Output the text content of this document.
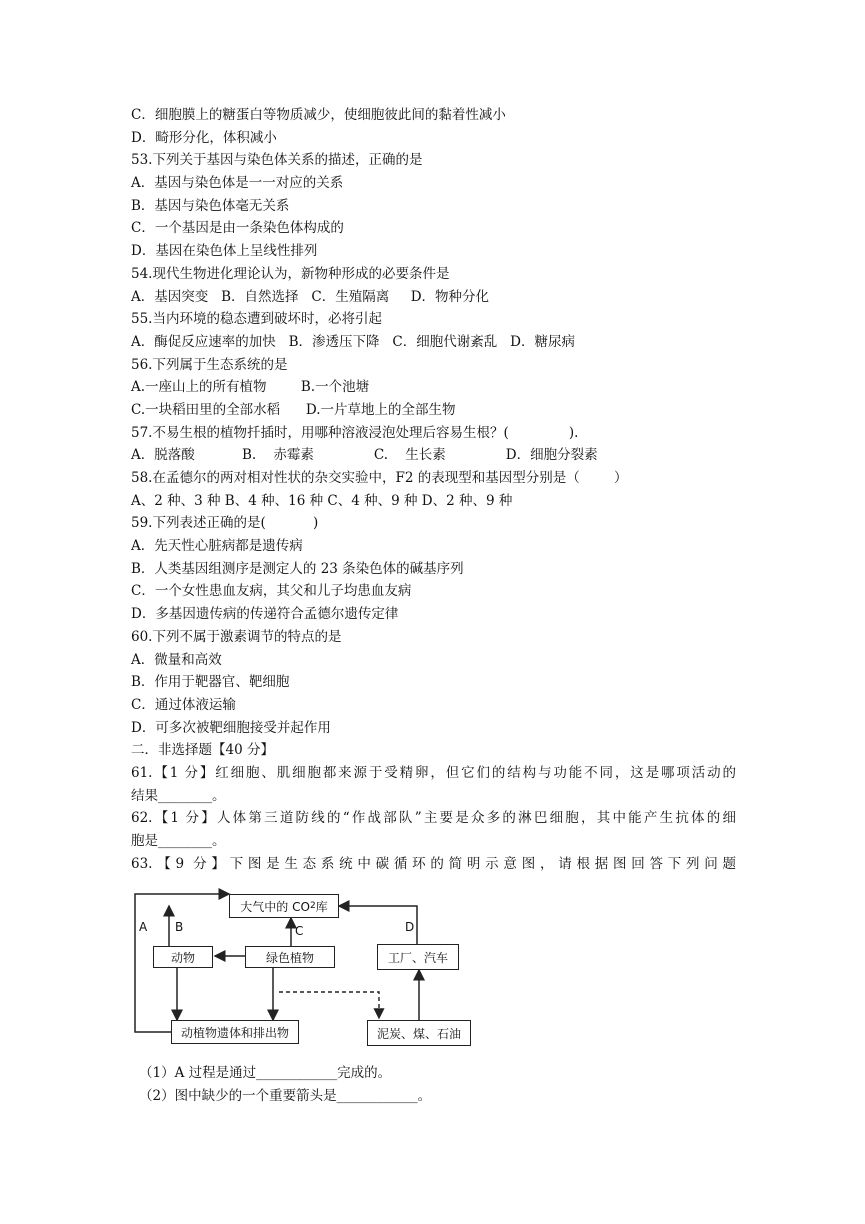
C．细胞膜上的糖蛋白等物质减少，使细胞彼此间的黏着性减小
D．畸形分化，体积减小
53.下列关于基因与染色体关系的描述，正确的是
A．基因与染色体是一一对应的关系
B．基因与染色体毫无关系
C．一个基因是由一条染色体构成的
D．基因在染色体上呈线性排列
54.现代生物进化理论认为，新物种形成的必要条件是
A．基因突变   B．自然选择   C．生殖隔离     D．物种分化
55.当内环境的稳态遭到破坏时，必将引起
A．酶促反应速率的加快   B．渗透压下降   C．细胞代谢紊乱   D．糖尿病
56.下列属于生态系统的是
A.一座山上的所有植物        B.一个池塘
C.一块稻田里的全部水稻      D.一片草地上的全部生物
57.不易生根的植物扦插时，用哪种溶液浸泡处理后容易生根？(              ).
A．脱落酸           B.    赤霉素              C.    生长素              D．细胞分裂素
58.在孟德尔的两对相对性状的杂交实验中，F2 的表现型和基因型分别是（        ）
A、2 种、3 种 B、4 种、16 种 C、4 种、9 种 D、2 种、9 种
59.下列表述正确的是(           )
A．先天性心脏病都是遗传病
B．人类基因组测序是测定人的 23 条染色体的碱基序列
C．一个女性患血友病，其父和儿子均患血友病
D．多基因遗传病的传递符合孟德尔遗传定律
60.下列不属于激素调节的特点的是
A．微量和高效
B．作用于靶器官、靶细胞
C．通过体液运输
D．可多次被靶细胞接受并起作用
二．非选择题【40 分】
61.【1 分】红细胞、肌细胞都来源于受精卵，但它们的结构与功能不同，这是哪项活动的
结果________。
62.【1 分】人体第三道防线的“作战部队”主要是众多的淋巴细胞，其中能产生抗体的细
胞是________。
63.【9 分】下图是生态系统中碳循环的简明示意图，请根据图回答下列问题
大气中的 CO 2 库
动物	绿色植物	工厂、汽车
动植物遗体和排出物	泥炭、煤、石油
A B	C	D
（1）A 过程是通过____________完成的。
（2）图中缺少的一个重要箭头是____________。
